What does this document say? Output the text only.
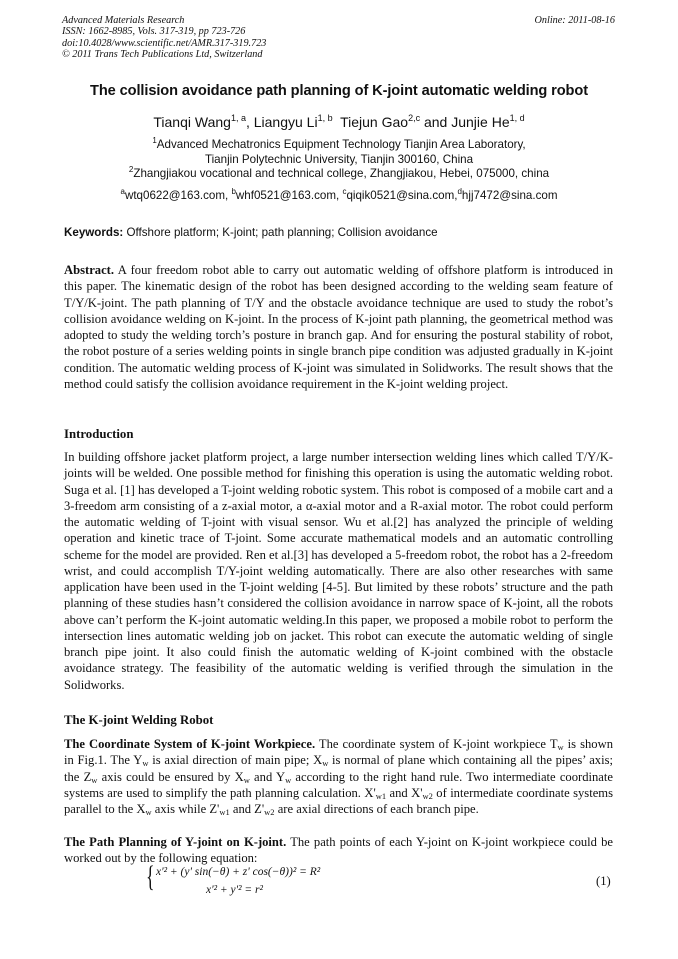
Advanced Materials Research
ISSN: 1662-8985, Vols. 317-319, pp 723-726
doi:10.4028/www.scientific.net/AMR.317-319.723
© 2011 Trans Tech Publications Ltd, Switzerland
Online: 2011-08-16
The collision avoidance path planning of K-joint automatic welding robot
Tianqi Wang$^{1, a}$, Liangyu Li$^{1, b}$ Tiejun Gao$^{2,c}$ and Junjie He$^{1, d}$
$^1$Advanced Mechatronics Equipment Technology Tianjin Area Laboratory,
Tianjin Polytechnic University, Tianjin 300160, China
$^2$Zhangjiakou vocational and technical college, Zhangjiakou, Hebei, 075000, china
$^a$wtq0622@163.com, $^b$whf0521@163.com, $^c$qiqik0521@sina.com,$^d$hjj7472@sina.com
Keywords: Offshore platform; K-joint; path planning; Collision avoidance
Abstract. A four freedom robot able to carry out automatic welding of offshore platform is introduced in this paper. The kinematic design of the robot has been designed according to the welding seam feature of T/Y/K-joint. The path planning of T/Y and the obstacle avoidance technique are used to study the robot’s collision avoidance welding on K-joint. In the process of K-joint path planning, the geometrical method was adopted to study the welding torch’s posture in branch gap. And for ensuring the postural stability of robot, the robot posture of a series welding points in single branch pipe condition was adjusted gradually in K-joint condition. The automatic welding process of K-joint was simulated in Solidworks. The result shows that the method could satisfy the collision avoidance requirement in the K-joint welding project.
Introduction
In building offshore jacket platform project, a large number intersection welding lines which called T/Y/K-joints will be welded. One possible method for finishing this operation is using the automatic welding robot. Suga et al. [1] has developed a T-joint welding robotic system. This robot is composed of a mobile cart and a 3-freedom arm consisting of a z-axial motor, a α-axial motor and a R-axial motor. The robot could perform the automatic welding of T-joint with visual sensor. Wu et al.[2] has analyzed the principle of welding operation and kinetic trace of T-joint. Some accurate mathematical models and an automatic controlling scheme for the model are provided. Ren et al.[3] has developed a 5-freedom robot, the robot has a 2-freedom wrist, and could accomplish T/Y-joint welding automatically. There are also other researches with same application have been used in the T-joint welding [4-5]. But limited by these robots’ structure and the path planning of these studies hasn’t considered the collision avoidance in narrow space of K-joint, all the robots above can’t perform the K-joint automatic welding.In this paper, we proposed a mobile robot to perform the intersection lines automatic welding job on jacket. This robot can execute the automatic welding of single branch pipe joint. It also could finish the automatic welding of K-joint combined with the obstacle avoidance strategy. The feasibility of the automatic welding is verified through the simulation in the Solidworks.
The K-joint Welding Robot
The Coordinate System of K-joint Workpiece. The coordinate system of K-joint workpiece $T_w$ is shown in Fig.1. The $Y_w$ is axial direction of main pipe; $X_w$ is normal of plane which containing all the pipes’ axis; the $Z_w$ axis could be ensured by $X_w$ and $Y_w$ according to the right hand rule. Two intermediate coordinate systems are used to simplify the path planning calculation. $X'_{w1}$ and $X'_{w2}$ of intermediate coordinate systems parallel to the $X_w$ axis while $Z'_{w1}$ and $Z'_{w2}$ are axial directions of each branch pipe.
The Path Planning of Y-joint on K-joint. The path points of each Y-joint on K-joint workpiece could be worked out by the following equation:
{ x'² + (y' sin(−θ) + z' cos(−θ))² = R²
x'² + y'² = r²
(1)
